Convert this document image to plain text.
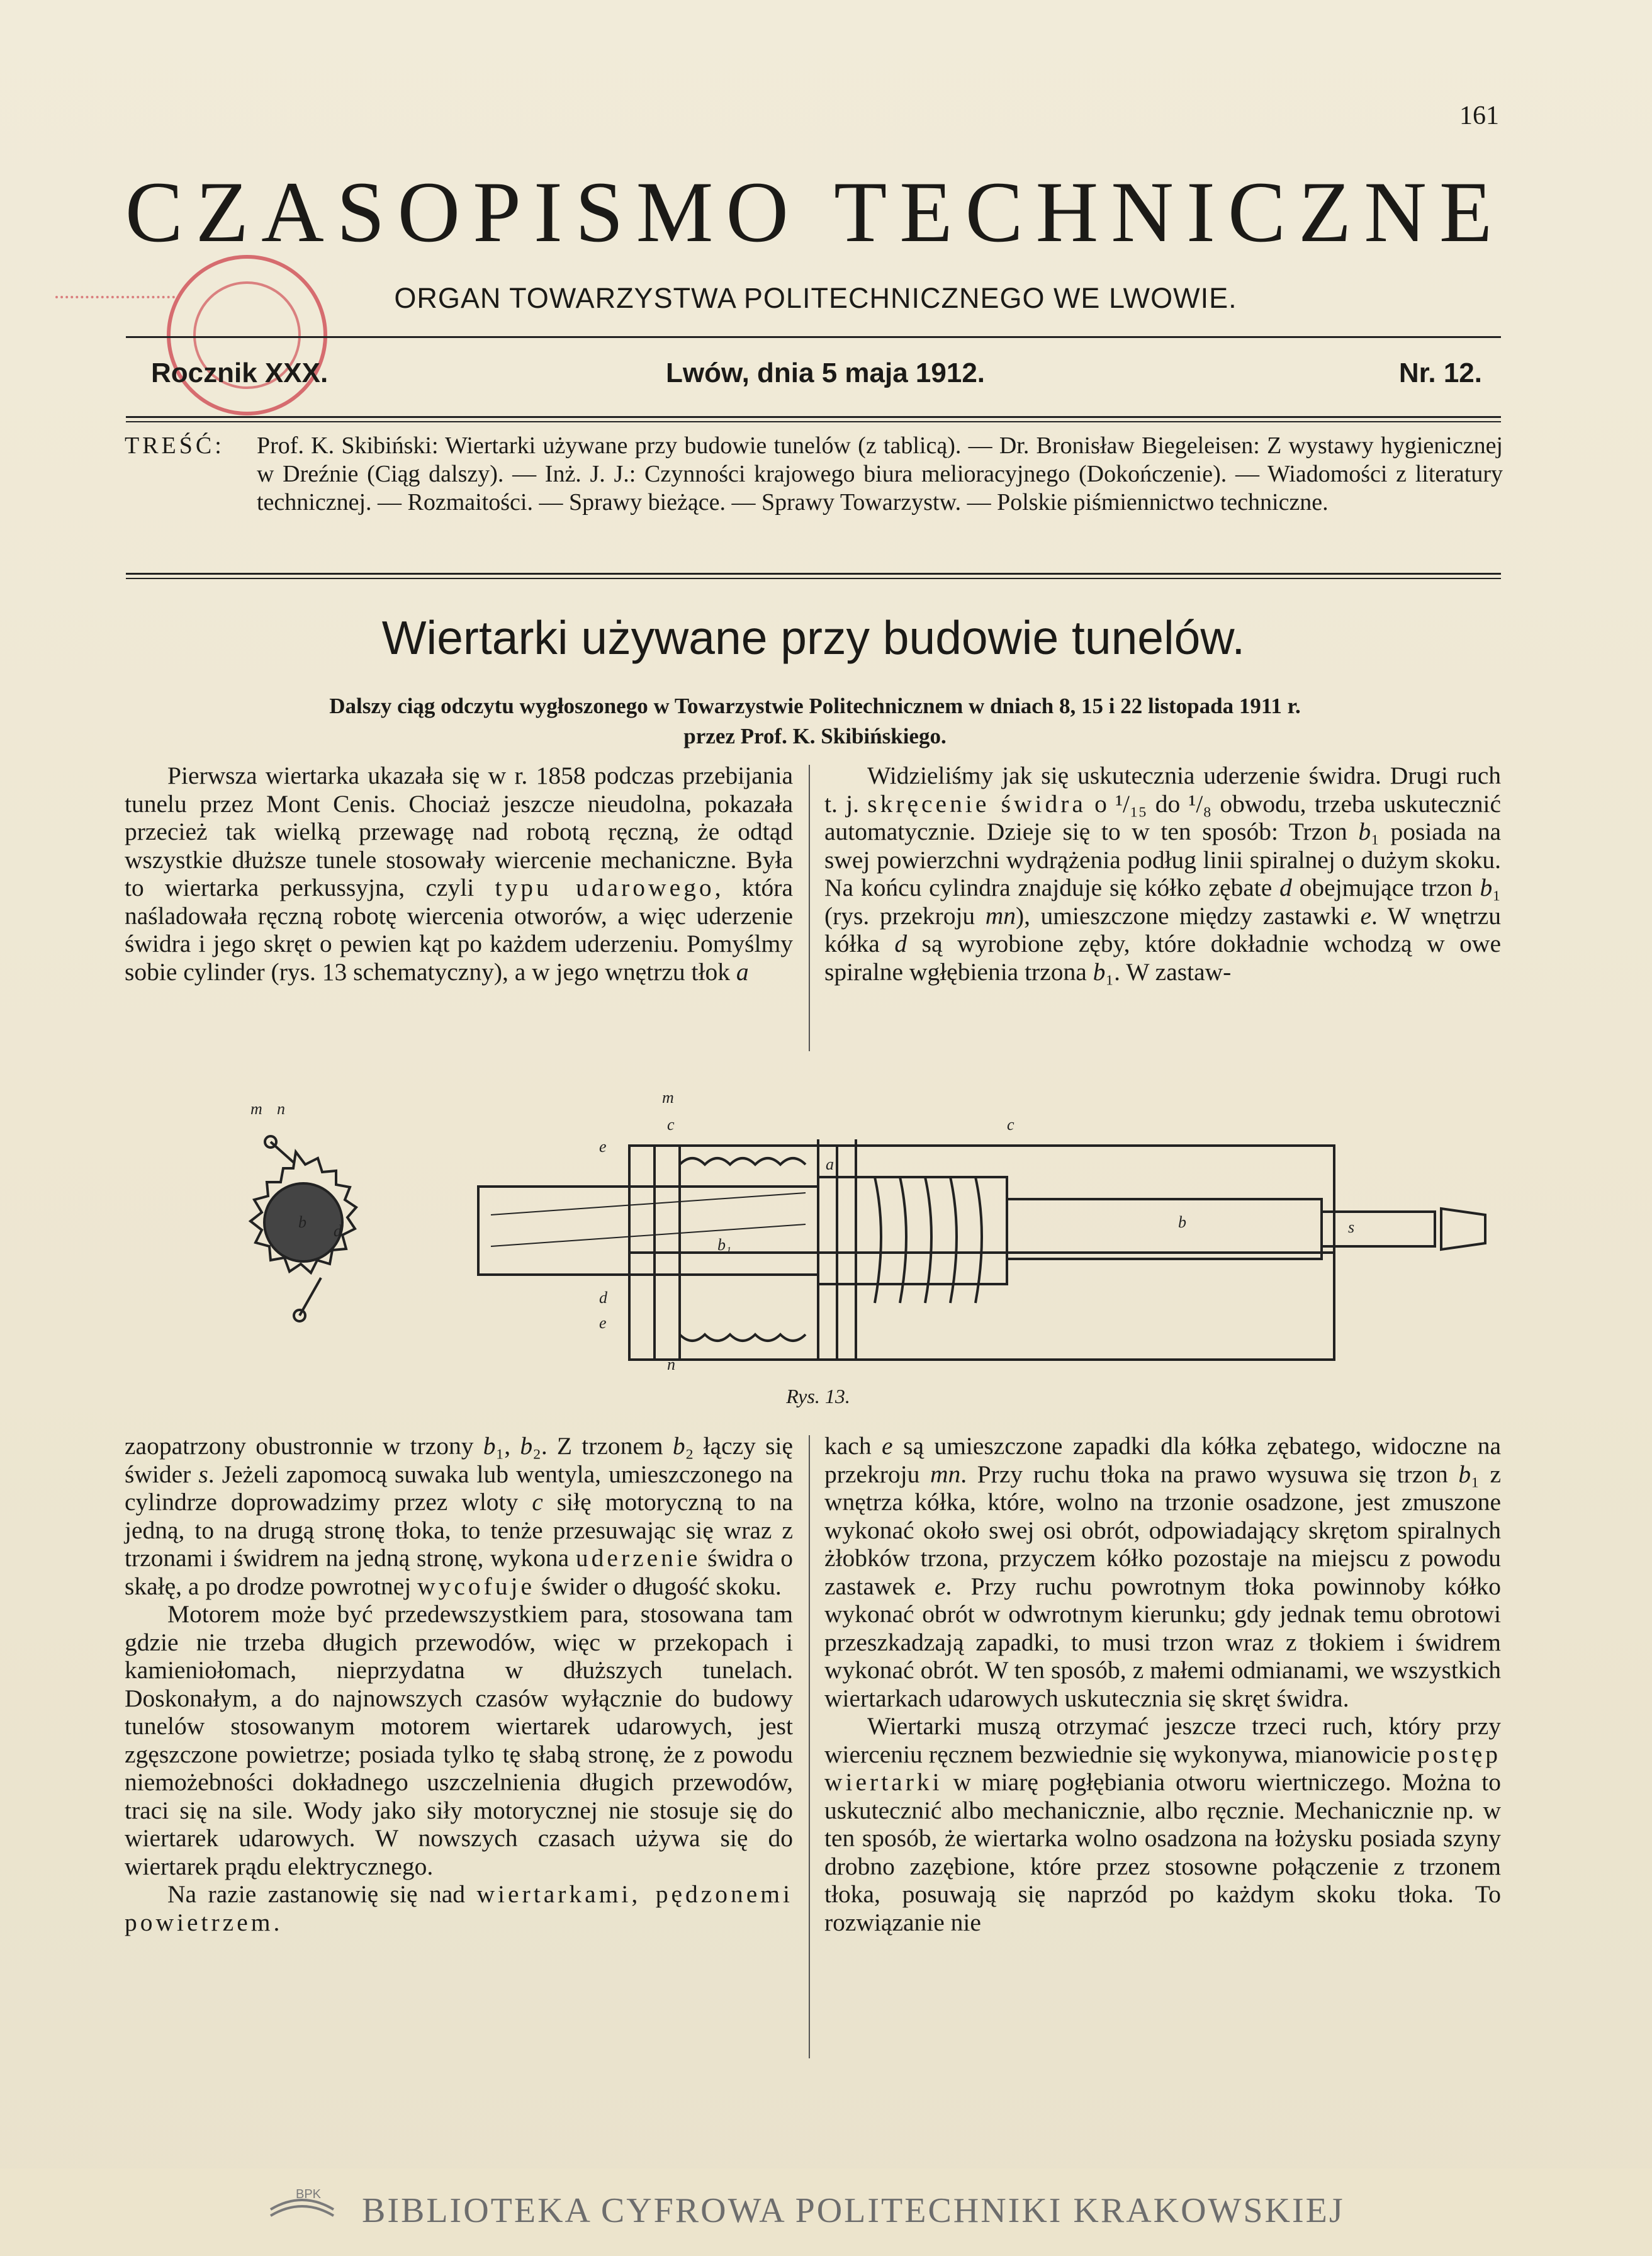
161
CZASOPISMO TECHNICZNE
ORGAN TOWARZYSTWA POLITECHNICZNEGO WE LWOWIE.
Rocznik XXX.	Lwów, dnia 5 maja 1912.	Nr. 12.
TREŚĆ: Prof. K. Skibiński: Wiertarki używane przy budowie tunelów (z tablicą). — Dr. Bronisław Biegeleisen: Z wystawy hygienicznej w Dreźnie (Ciąg dalszy). — Inż. J. J.: Czynności krajowego biura melioracyjnego (Dokończenie). — Wiadomości z literatury technicznej. — Rozmaitości. — Sprawy bieżące. — Sprawy Towarzystw. — Polskie piśmiennictwo techniczne.
Wiertarki używane przy budowie tunelów.
Dalszy ciąg odczytu wygłoszonego w Towarzystwie Politechnicznem w dniach 8, 15 i 22 listopada 1911 r.
przez Prof. K. Skibińskiego.

Pierwsza wiertarka ukazała się w r. 1858 podczas przebijania tunelu przez Mont Cenis. Chociaż jeszcze nieudolna, pokazała przecież tak wielką przewagę nad robotą ręczną, że odtąd wszystkie dłuższe tunele stosowały wiercenie mechaniczne. Była to wiertarka perkussyjna, czyli typu udarowego, która naśladowała ręczną robotę wiercenia otworów, a więc uderzenie świdra i jego skręt o pewien kąt po każdem uderzeniu. Pomyślmy sobie cylinder (rys. 13 schematyczny), a w jego wnętrzu tłok a

Widzieliśmy jak się uskutecznia uderzenie świdra. Drugi ruch t. j. skręcenie świdra o ¹/₁₅ do ¹/₈ obwodu, trzeba uskutecznić automatycznie. Dzieje się to w ten sposób: Trzon b₁ posiada na swej powierzchni wydrążenia podług linii spiralnej o dużym skoku. Na końcu cylindra znajduje się kółko zębate d obejmujące trzon b₁ (rys. przekroju mn), umieszczone między zastawki e. W wnętrzu kółka d są wyrobione zęby, które dokładnie wchodzą w owe spiralne wgłębienia trzona b₁. W zastaw-

m n
m
c	c
e
a
b
b₁
b	s
d
e
n
d
Rys. 13.

zaopatrzony obustronnie w trzony b₁, b₂. Z trzonem b₂ łączy się świder s. Jeżeli zapomocą suwaka lub wentyla, umieszczonego na cylindrze doprowadzimy przez wloty c siłę motoryczną to na jedną, to na drugą stronę tłoka, to tenże przesuwając się wraz z trzonami i świdrem na jedną stronę, wykona uderzenie świdra o skałę, a po drodze powrotnej wycofuje świder o długość skoku.

Motorem może być przedewszystkiem para, stosowana tam gdzie nie trzeba długich przewodów, więc w przekopach i kamieniołomach, nieprzydatna w dłuższych tunelach. Doskonałym, a do najnowszych czasów wyłącznie do budowy tunelów stosowanym motorem wiertarek udarowych, jest zgęszczone powietrze; posiada tylko tę słabą stronę, że z powodu niemożebności dokładnego uszczelnienia długich przewodów, traci się na sile. Wody jako siły motorycznej nie stosuje się do wiertarek udarowych. W nowszych czasach używa się do wiertarek prądu elektrycznego.

Na razie zastanowię się nad wiertarkami, pędzonemi powietrzem.

kach e są umieszczone zapadki dla kółka zębatego, widoczne na przekroju mn. Przy ruchu tłoka na prawo wysuwa się trzon b₁ z wnętrza kółka, które, wolno na trzonie osadzone, jest zmuszone wykonać około swej osi obrót, odpowiadający skrętom spiralnych żłobków trzona, przyczem kółko pozostaje na miejscu z powodu zastawek e. Przy ruchu powrotnym tłoka powinnoby kółko wykonać obrót w odwrotnym kierunku; gdy jednak temu obrotowi przeszkadzają zapadki, to musi trzon wraz z tłokiem i świdrem wykonać obrót. W ten sposób, z małemi odmianami, we wszystkich wiertarkach udarowych uskutecznia się skręt świdra.

Wiertarki muszą otrzymać jeszcze trzeci ruch, który przy wierceniu ręcznem bezwiednie się wykonywa, mianowicie postęp wiertarki w miarę pogłębiania otworu wiertniczego. Można to uskutecznić albo mechanicznie, albo ręcznie. Mechanicznie np. w ten sposób, że wiertarka wolno osadzona na łożysku posiada szyny drobno zazębione, które przez stosowne połączenie z trzonem tłoka, posuwają się naprzód po każdym skoku tłoka. To rozwiązanie nie

BPK BIBLIOTEKA CYFROWA POLITECHNIKI KRAKOWSKIEJ
